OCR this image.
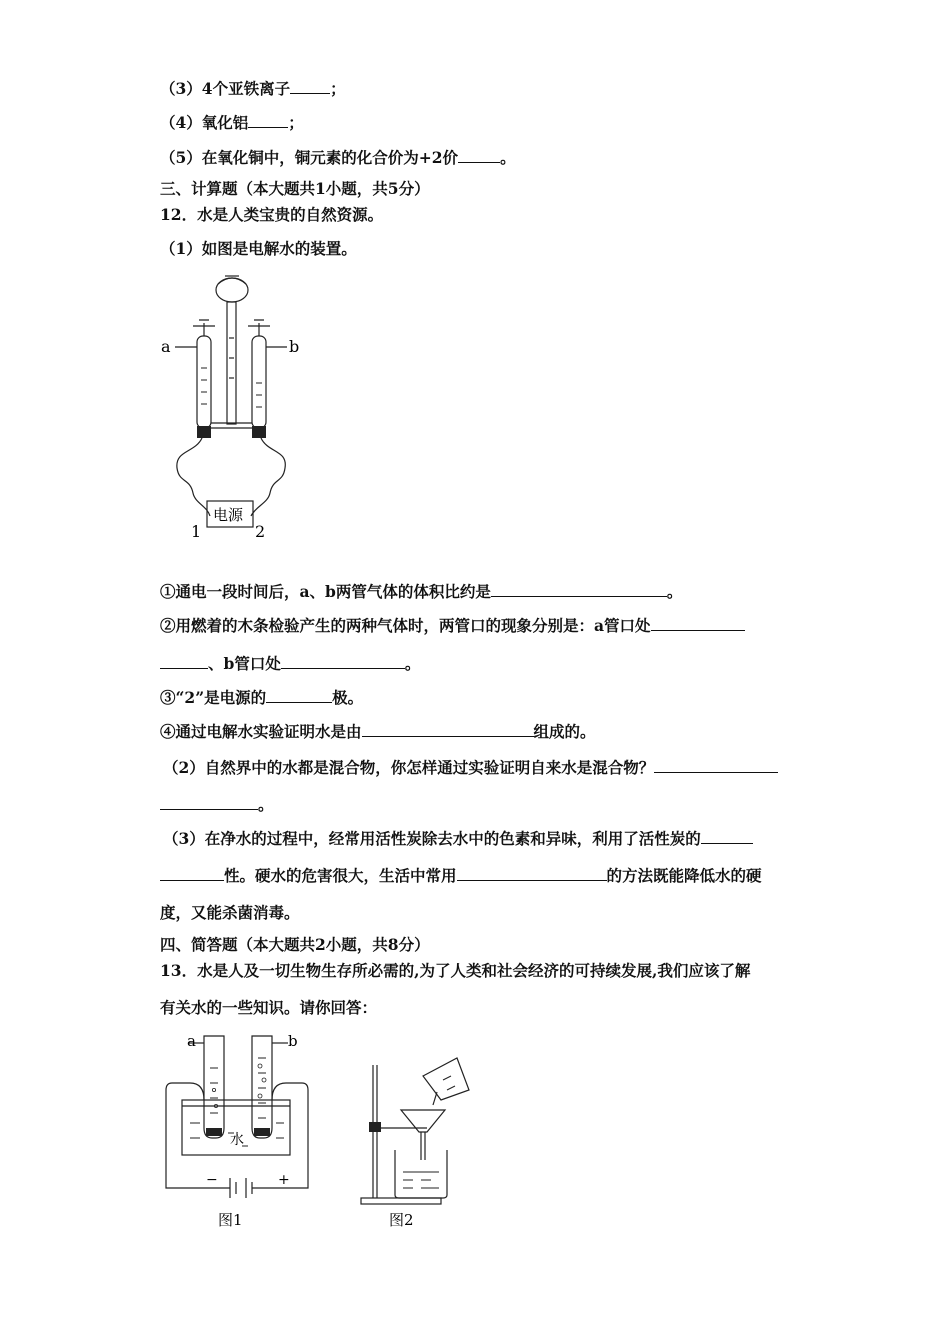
（3）4个亚铁离子	；
（4）氧化铝	；
（5）在氧化铜中，铜元素的化合价为+2价	。
三、计算题（本大题共1小题，共5分）
12．水是人类宝贵的自然资源。
（1）如图是电解水的装置。
a	b
电源
1	2
①通电一段时间后，a、b两管气体的体积比约是	。
②用燃着的木条检验产生的两种气体时，两管口的现象分别是：a管口处
、b管口处	。
③“2”是电源的	极。
④通过电解水实验证明水是由	组成的。
（2）自然界中的水都是混合物，你怎样通过实验证明自来水是混合物？
。
（3）在净水的过程中，经常用活性炭除去水中的色素和异味，利用了活性炭的
性。硬水的危害很大，生活中常用	的方法既能降低水的硬
度，又能杀菌消毒。
四、简答题（本大题共2小题，共8分）
13．水是人及一切生物生存所必需的,为了人类和社会经济的可持续发展,我们应该了解
有关水的一些知识。请你回答：
a	b
水
−	+
图1	图2
